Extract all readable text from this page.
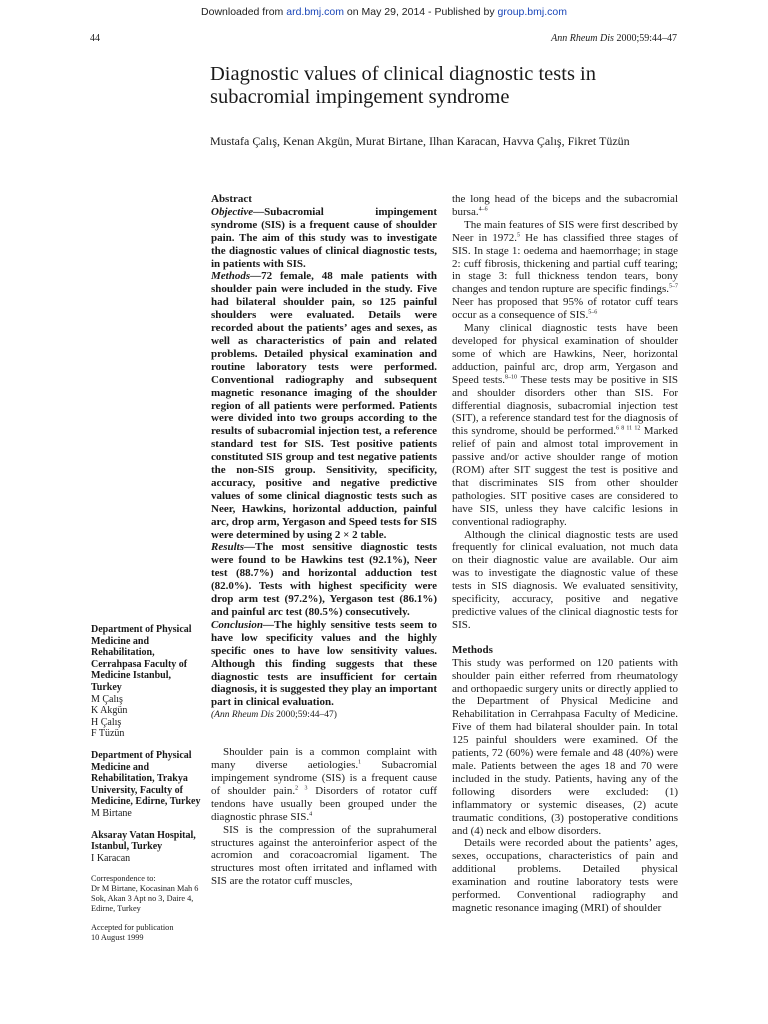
Downloaded from ard.bmj.com on May 29, 2014 - Published by group.bmj.com
44	Ann Rheum Dis 2000;59:44–47
Diagnostic values of clinical diagnostic tests in subacromial impingement syndrome
Mustafa Çalış, Kenan Akgün, Murat Birtane, Ilhan Karacan, Havva Çalış, Fikret Tüzün

Abstract

Objective—Subacromial impingement syndrome (SIS) is a frequent cause of shoulder pain. The aim of this study was to investigate the diagnostic values of clinical diagnostic tests, in patients with SIS.

Methods—72 female, 48 male patients with shoulder pain were included in the study. Five had bilateral shoulder pain, so 125 painful shoulders were evaluated. Details were recorded about the patients’ ages and sexes, as well as characteristics of pain and related problems. Detailed physical examination and routine laboratory tests were performed. Conventional radiography and subsequent magnetic resonance imaging of the shoulder region of all patients were performed. Patients were divided into two groups according to the results of subacromial injection test, a reference standard test for SIS. Test positive patients constituted SIS group and test negative patients the non-SIS group. Sensitivity, specificity, accuracy, positive and negative predictive values of some clinical diagnostic tests such as Neer, Hawkins, horizontal adduction, painful arc, drop arm, Yergason and Speed tests for SIS were determined by using 2 × 2 table.

Results—The most sensitive diagnostic tests were found to be Hawkins test (92.1%), Neer test (88.7%) and horizontal adduction test (82.0%). Tests with highest specificity were drop arm test (97.2%), Yergason test (86.1%) and painful arc test (80.5%) consecutively.

Conclusion—The highly sensitive tests seem to have low specificity values and the highly specific ones to have low sensitivity values. Although this finding suggests that these diagnostic tests are insufficient for certain diagnosis, it is suggested they play an important part in clinical evaluation.

(Ann Rheum Dis 2000;59:44–47)

Shoulder pain is a common complaint with many diverse aetiologies.$^1$ Subacromial impingement syndrome (SIS) is a frequent cause of shoulder pain.$^{2 3}$ Disorders of rotator cuff tendons have usually been grouped under the diagnostic phrase SIS.$^4$

SIS is the compression of the suprahumeral structures against the anteroinferior aspect of the acromion and coracoacromial ligament. The structures most often irritated and inflamed with SIS are the rotator cuff muscles,

the long head of the biceps and the subacromial bursa.$^{4-6}$

The main features of SIS were first described by Neer in 1972.$^5$ He has classified three stages of SIS. In stage 1: oedema and haemorrhage; in stage 2: cuff fibrosis, thickening and partial cuff tearing; in stage 3: full thickness tendon tears, bony changes and tendon rupture are specific findings.$^{5-7}$ Neer has proposed that 95% of rotator cuff tears occur as a consequence of SIS.$^{5-6}$

Many clinical diagnostic tests have been developed for physical examination of shoulder some of which are Hawkins, Neer, horizontal adduction, painful arc, drop arm, Yergason and Speed tests.$^{8-10}$ These tests may be positive in SIS and shoulder disorders other than SIS. For differential diagnosis, subacromial injection test (SIT), a reference standard test for the diagnosis of this syndrome, should be performed.$^{6 8 11 12}$ Marked relief of pain and almost total improvement in passive and/or active shoulder range of motion (ROM) after SIT suggest the test is positive and that discriminates SIS from other shoulder pathologies. SIT positive cases are considered to have SIS, unless they have calcific lesions in conventional radiography.

Although the clinical diagnostic tests are used frequently for clinical evaluation, not much data on their diagnostic value are available. Our aim was to investigate the diagnostic value of these tests in SIS diagnosis. We evaluated sensitivity, specificity, accuracy, positive and negative predictive values of the clinical diagnostic tests for SIS.

Methods

This study was performed on 120 patients with shoulder pain either referred from rheumatology and orthopaedic surgery units or directly applied to the Department of Physical Medicine and Rehabilitation in Cerrahpasa Faculty of Medicine. Five of them had bilateral shoulder pain. In total 125 painful shoulders were examined. Of the patients, 72 (60%) were female and 48 (40%) were male. Patients between the ages 18 and 70 were included in the study. Patients, having any of the following disorders were excluded: (1) inflammatory or systemic diseases, (2) acute traumatic conditions, (3) postoperative conditions and (4) neck and elbow disorders.

Details were recorded about the patients’ ages, sexes, occupations, characteristics of pain and additional problems. Detailed physical examination and routine laboratory tests were performed. Conventional radiography and magnetic resonance imaging (MRI) of shoulder

Department of Physical Medicine and Rehabilitation, Cerrahpasa Faculty of Medicine Istanbul, Turkey
M Çalış
K Akgün
H Çalış
F Tüzün
Department of Physical Medicine and Rehabilitation, Trakya University, Faculty of Medicine, Edirne, Turkey
M Birtane
Aksaray Vatan Hospital, Istanbul, Turkey
I Karacan
Correspondence to:
Dr M Birtane, Kocasinan Mah 6 Sok, Akan 3 Apt no 3, Daire 4, Edirne, Turkey
Accepted for publication
10 August 1999
